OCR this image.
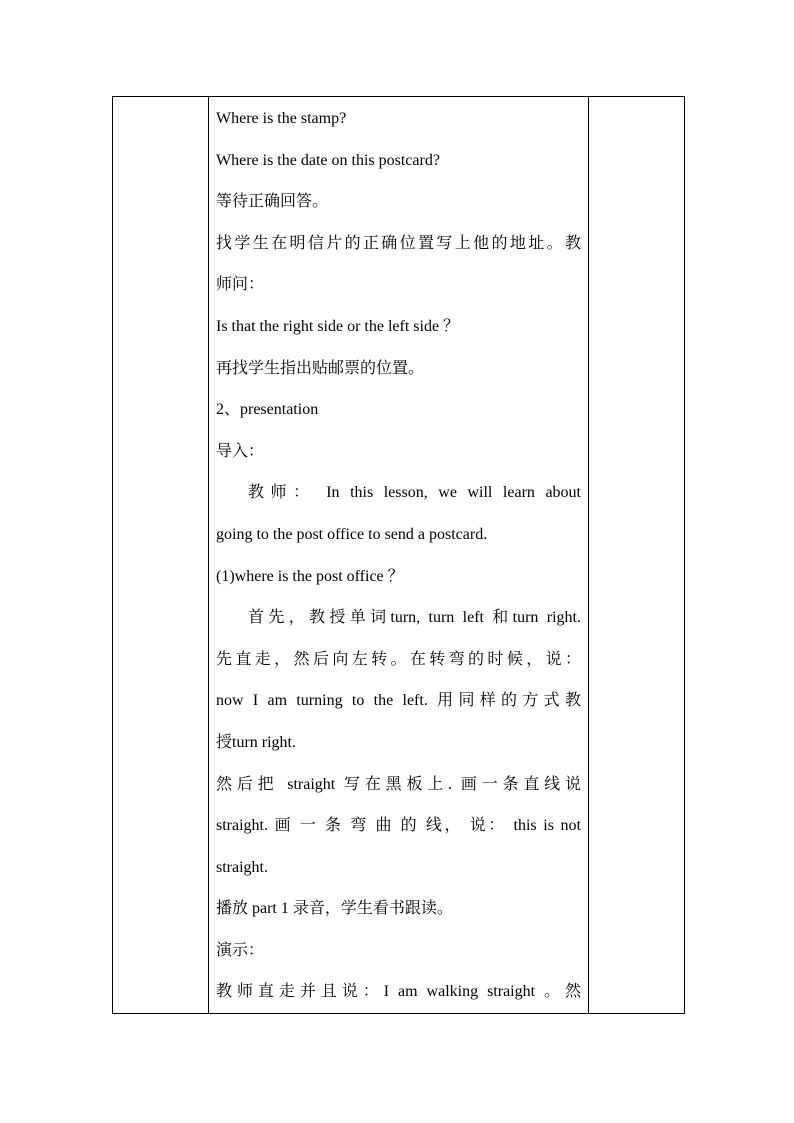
Where is the stamp?
Where is the date on this postcard?
等待正确回答。
找学生在明信片的正确位置写上他的地址。教
师问：
Is that the right side or the left side ？
再找学生指出贴邮票的位置。
2、presentation
导入：
教师： In this lesson, we will learn about
going to the post office to send a postcard.
(1)where is the post office ？
首先，教授单词turn, turn left 和turn right.
先直走，然后向左转。在转弯的时候，说：
now I am turning to the left. 用同样的方式教
授turn right.
然后把 straight 写在黑板上. 画一条直线说
straight. 画 一 条 弯 曲 的 线， 说： this is not
straight.
播放 part 1 录音，学生看书跟读。
演示：
教师直走并且说：I am walking straight 。然
